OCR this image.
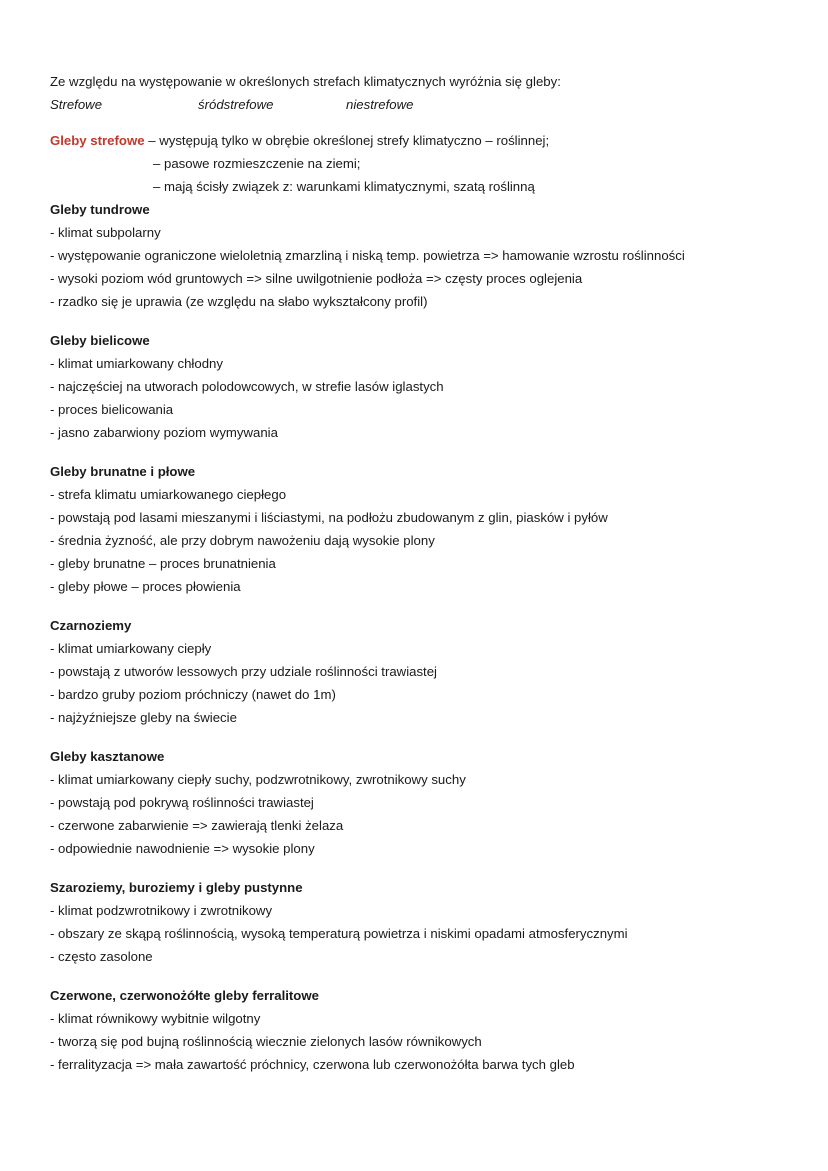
Ze względu na występowanie w określonych strefach klimatycznych wyróżnia się gleby:
Strefowe	śródstrefowe	niestrefowe
Gleby strefowe – występują tylko w obrębie określonej strefy klimatyczno – roślinnej;
– pasowe rozmieszczenie na ziemi;
– mają ścisły związek z: warunkami klimatycznymi, szatą roślinną
Gleby tundrowe
- klimat subpolarny
- występowanie ograniczone wieloletnią zmarzliną i niską temp. powietrza => hamowanie wzrostu roślinności
- wysoki poziom wód gruntowych => silne uwilgotnienie podłoża => częsty proces oglejenia
- rzadko się je uprawia (ze względu na słabo wykształcony profil)
Gleby bielicowe
- klimat umiarkowany chłodny
- najczęściej na utworach polodowcowych, w strefie lasów iglastych
- proces bielicowania
- jasno zabarwiony poziom wymywania
Gleby brunatne i płowe
- strefa klimatu umiarkowanego ciepłego
- powstają pod lasami mieszanymi i liściastymi, na podłożu zbudowanym z glin, piasków i pyłów
- średnia żyzność, ale przy dobrym nawożeniu dają wysokie plony
- gleby brunatne – proces brunatnienia
- gleby płowe – proces płowienia
Czarnoziemy
- klimat umiarkowany ciepły
- powstają z utworów lessowych przy udziale roślinności trawiastej
- bardzo gruby poziom próchniczy (nawet do 1m)
- najżyźniejsze gleby na świecie
Gleby kasztanowe
- klimat umiarkowany ciepły suchy, podzwrotnikowy, zwrotnikowy suchy
- powstają pod pokrywą roślinności trawiastej
- czerwone zabarwienie => zawierają tlenki żelaza
- odpowiednie nawodnienie => wysokie plony
Szaroziemy, buroziemy i gleby pustynne
- klimat podzwrotnikowy i zwrotnikowy
- obszary ze skąpą roślinnością, wysoką temperaturą powietrza i niskimi opadami atmosferycznymi
- często zasolone
Czerwone, czerwonożółte gleby ferralitowe
- klimat równikowy wybitnie wilgotny
- tworzą się pod bujną roślinnością wiecznie zielonych lasów równikowych
- ferralityzacja => mała zawartość próchnicy, czerwona lub czerwonożółta barwa tych gleb
